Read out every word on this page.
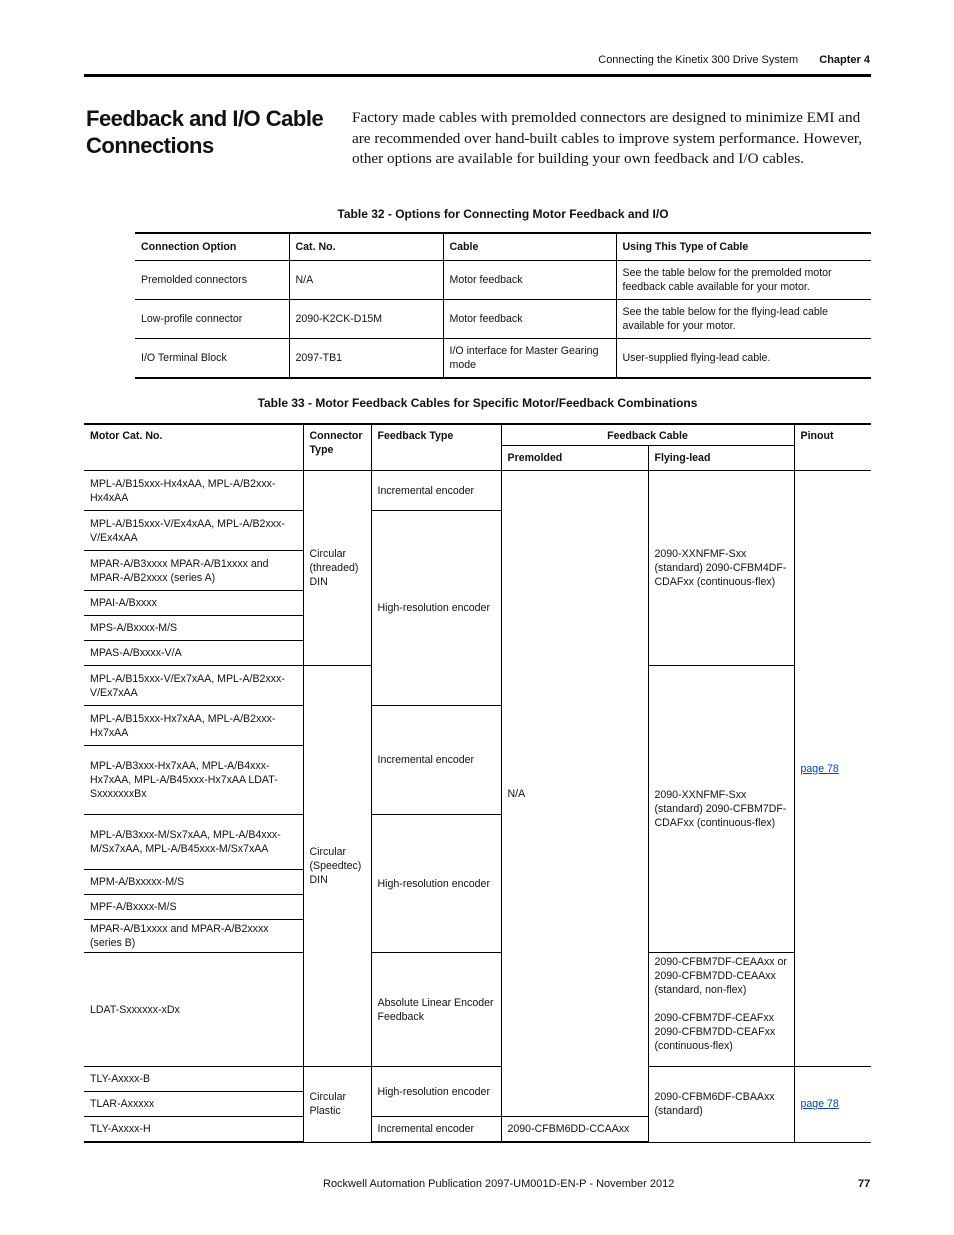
Connecting the Kinetix 300 Drive System Chapter 4
Feedback and I/O Cable Connections
Factory made cables with premolded connectors are designed to minimize EMI and are recommended over hand-built cables to improve system performance. However, other options are available for building your own feedback and I/O cables.
Table 32 - Options for Connecting Motor Feedback and I/O
Connection Option	Cat. No.	Cable	Using This Type of Cable
Premolded connectors	N/A	Motor feedback	See the table below for the premolded motor feedback cable available for your motor.
Low-profile connector	2090-K2CK-D15M	Motor feedback	See the table below for the flying-lead cable available for your motor.
I/O Terminal Block	2097-TB1	I/O interface for Master Gearing mode	User-supplied flying-lead cable.
Table 33 - Motor Feedback Cables for Specific Motor/Feedback Combinations
Motor Cat. No.	Connector Type	Feedback Type	Feedback Cable		Pinout
			Premolded	Flying-lead	
MPL-A/B15xxx-Hx4xAA, MPL-A/B2xxx-Hx4xAA	Circular (threaded) DIN	Incremental encoder	N/A	2090-XXNFMF-Sxx (standard) 2090-CFBM4DF-CDAFxx (continuous-flex)	page 78
MPL-A/B15xxx-V/Ex4xAA, MPL-A/B2xxx-V/Ex4xAA		High-resolution encoder			
MPAR-A/B3xxxx MPAR-A/B1xxxx and MPAR-A/B2xxxx (series A)					
MPAI-A/Bxxxx					
MPS-A/Bxxxx-M/S					
MPAS-A/Bxxxx-V/A					
MPL-A/B15xxx-V/Ex7xAA, MPL-A/B2xxx-V/Ex7xAA	Circular (Speedtec) DIN			2090-XXNFMF-Sxx (standard) 2090-CFBM7DF-CDAFxx (continuous-flex)	
MPL-A/B15xxx-Hx7xAA, MPL-A/B2xxx-Hx7xAA		Incremental encoder			
MPL-A/B3xxx-Hx7xAA, MPL-A/B4xxx-Hx7xAA, MPL-A/B45xxx-Hx7xAA LDAT-SxxxxxxxBx					
MPL-A/B3xxx-M/Sx7xAA, MPL-A/B4xxx-M/Sx7xAA, MPL-A/B45xxx-M/Sx7xAA		High-resolution encoder			
MPM-A/Bxxxxx-M/S					
MPF-A/Bxxxx-M/S					
MPAR-A/B1xxxx and MPAR-A/B2xxxx (series B)					
LDAT-Sxxxxxx-xDx		Absolute Linear Encoder Feedback		2090-CFBM7DF-CEAAxx or 2090-CFBM7DD-CEAAxx (standard, non-flex)
2090-CFBM7DF-CEAFxx 2090-CFBM7DD-CEAFxx (continuous-flex)	

TLY-Axxxx-B	Circular Plastic	High-resolution encoder		2090-CFBM6DF-CBAAxx (standard)	page 78
TLAR-Axxxxx					
TLY-Axxxx-H		Incremental encoder	2090-CFBM6DD-CCAAxx		
Rockwell Automation Publication 2097-UM001D-EN-P - November 2012	77
